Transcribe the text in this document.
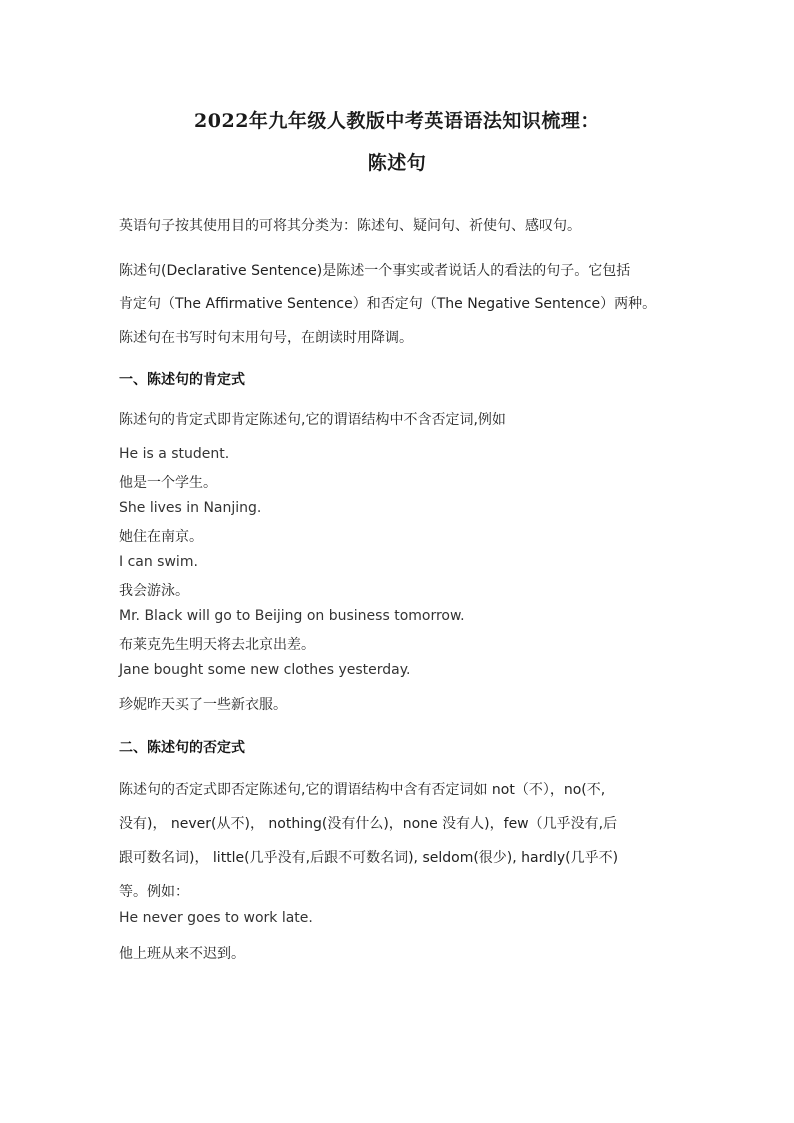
2022年九年级人教版中考英语语法知识梳理：
陈述句
英语句子按其使用目的可将其分类为：陈述句、疑问句、祈使句、感叹句。
陈述句(Declarative Sentence)是陈述一个事实或者说话人的看法的句子。它包括
肯定句（The Affirmative Sentence）和否定句（The Negative Sentence）两种。
陈述句在书写时句末用句号，在朗读时用降调。
一、陈述句的肯定式
陈述句的肯定式即肯定陈述句,它的谓语结构中不含否定词,例如
He is a student.
他是一个学生。
She lives in Nanjing.
她住在南京。
I can swim.
我会游泳。
Mr. Black will go to Beijing on business tomorrow.
布莱克先生明天将去北京出差。
Jane bought some new clothes yesterday.
珍妮昨天买了一些新衣服。
二、陈述句的否定式
陈述句的否定式即否定陈述句,它的谓语结构中含有否定词如 not（不），no(不,
没有)， never(从不)， nothing(没有什么)，none 没有人)，few（几乎没有,后
跟可数名词)， little(几乎没有,后跟不可数名词), seldom(很少), hardly(几乎不)
等。例如：
He never goes to work late.
他上班从来不迟到。
